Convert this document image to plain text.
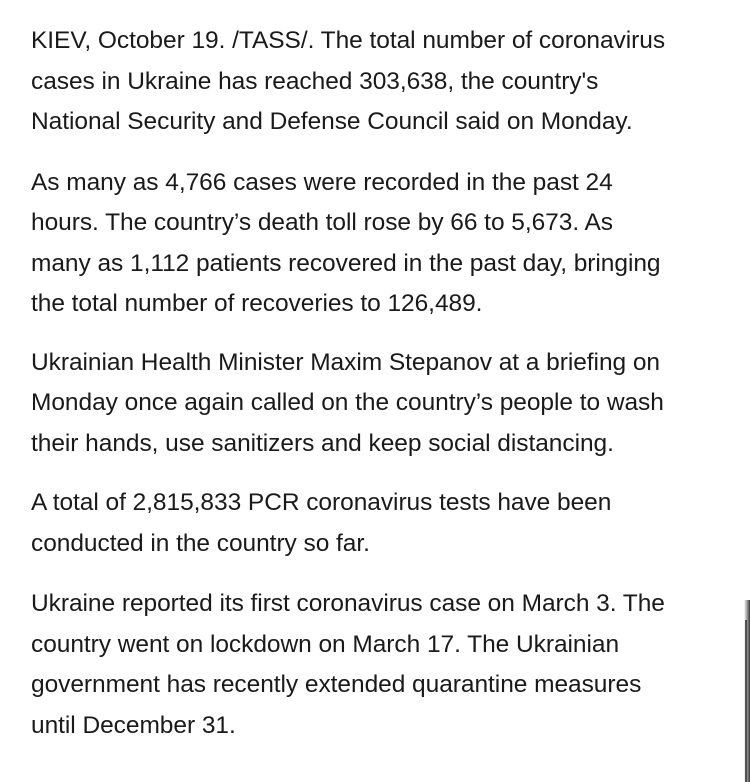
KIEV, October 19. /TASS/. The total number of coronavirus
cases in Ukraine has reached 303,638, the country's
National Security and Defense Council said on Monday.

As many as 4,766 cases were recorded in the past 24
hours. The country’s death toll rose by 66 to 5,673. As
many as 1,112 patients recovered in the past day, bringing
the total number of recoveries to 126,489.

Ukrainian Health Minister Maxim Stepanov at a briefing on
Monday once again called on the country’s people to wash
their hands, use sanitizers and keep social distancing.

A total of 2,815,833 PCR coronavirus tests have been
conducted in the country so far.

Ukraine reported its first coronavirus case on March 3. The
country went on lockdown on March 17. The Ukrainian
government has recently extended quarantine measures
until December 31.
